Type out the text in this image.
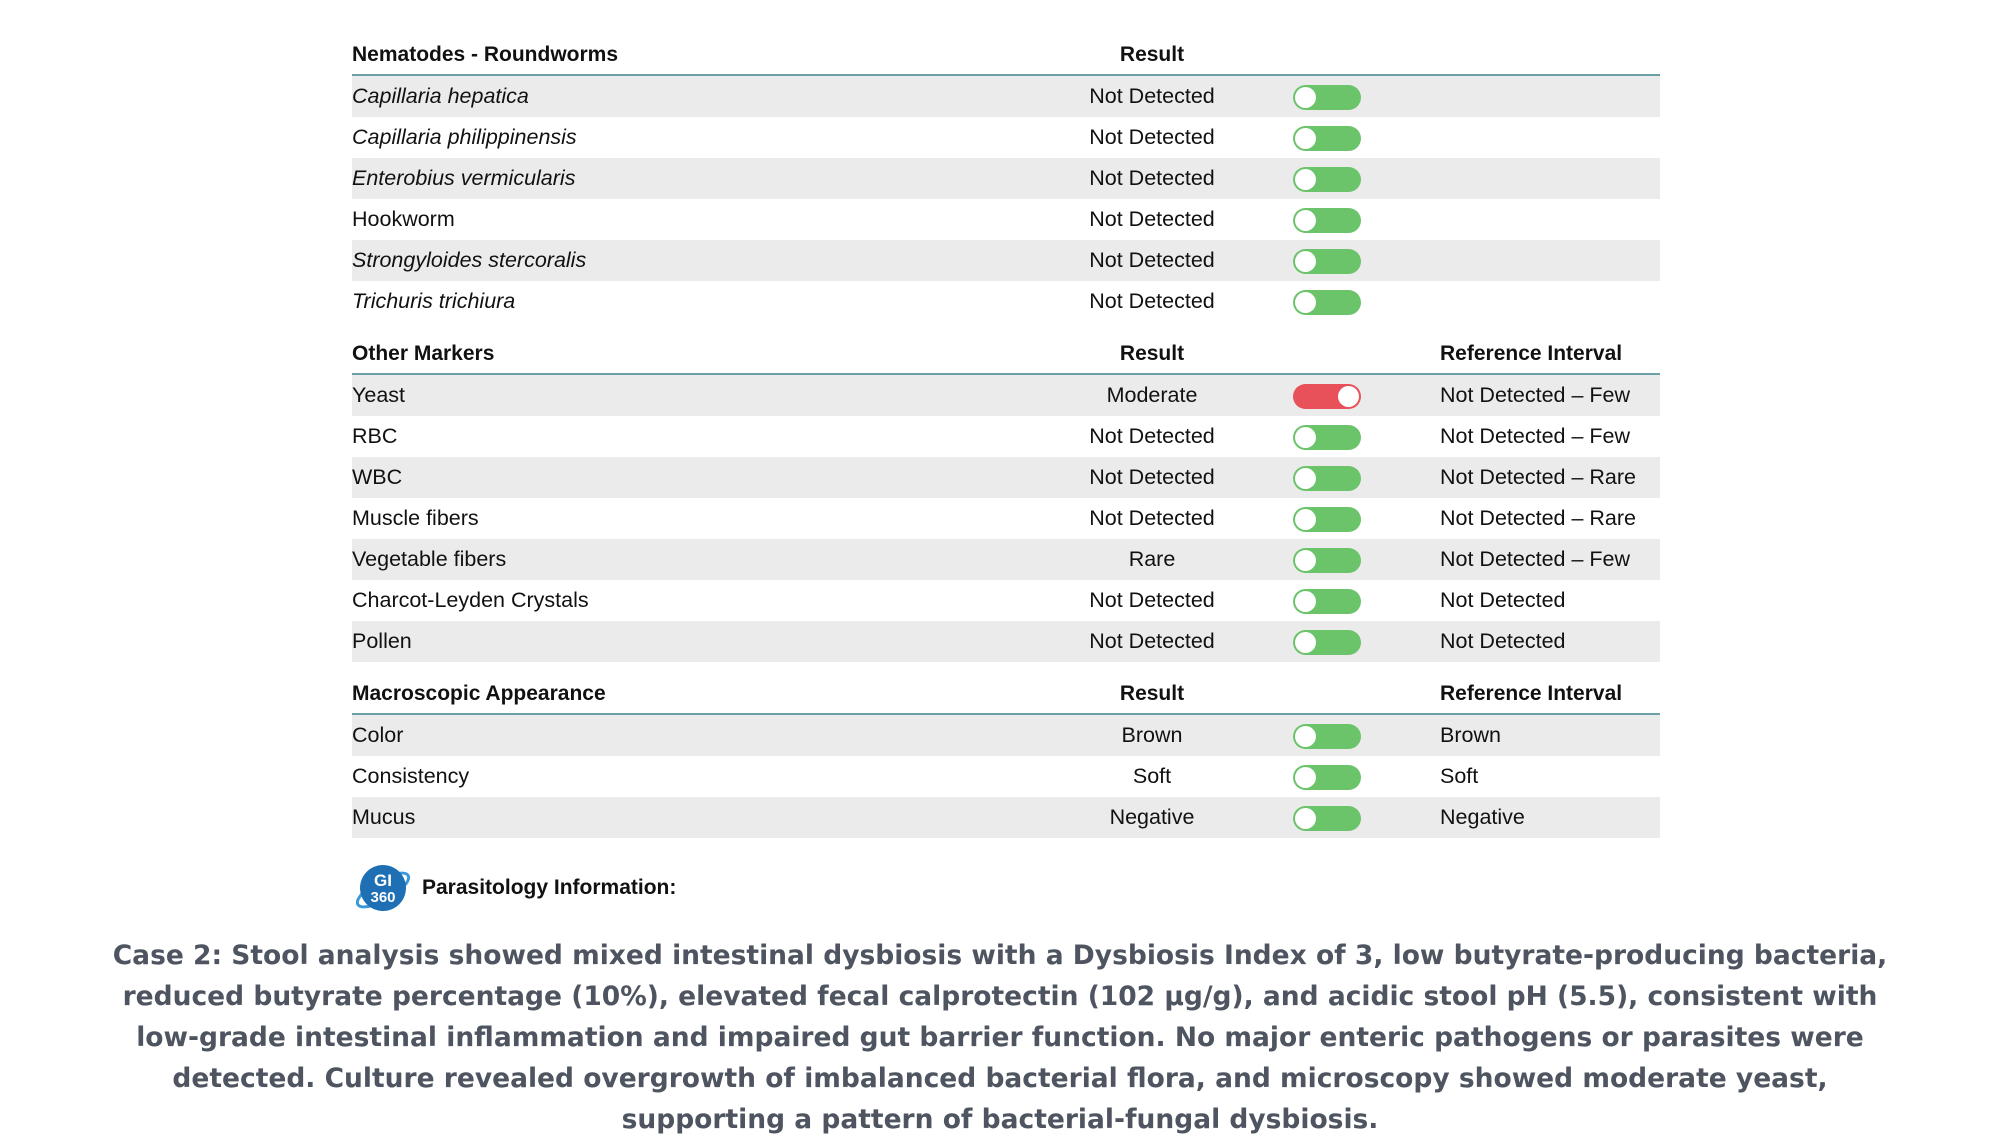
Nematodes - Roundworms	Result
Capillaria hepatica	Not Detected
Capillaria philippinensis	Not Detected
Enterobius vermicularis	Not Detected
Hookworm	Not Detected
Strongyloides stercoralis	Not Detected
Trichuris trichiura	Not Detected
Other Markers	Result	Reference Interval
Yeast	Moderate	Not Detected – Few
RBC	Not Detected	Not Detected – Few
WBC	Not Detected	Not Detected – Rare
Muscle fibers	Not Detected	Not Detected – Rare
Vegetable fibers	Rare	Not Detected – Few
Charcot-Leyden Crystals	Not Detected	Not Detected
Pollen	Not Detected	Not Detected
Macroscopic Appearance	Result	Reference Interval
Color	Brown	Brown
Consistency	Soft	Soft
Mucus	Negative	Negative
GI
360 Parasitology Information:
Case 2: Stool analysis showed mixed intestinal dysbiosis with a Dysbiosis Index of 3, low butyrate-producing bacteria, reduced butyrate percentage (10%), elevated fecal calprotectin (102 µg/g), and acidic stool pH (5.5), consistent with low-grade intestinal inflammation and impaired gut barrier function. No major enteric pathogens or parasites were detected. Culture revealed overgrowth of imbalanced bacterial flora, and microscopy showed moderate yeast, supporting a pattern of bacterial-fungal dysbiosis.
